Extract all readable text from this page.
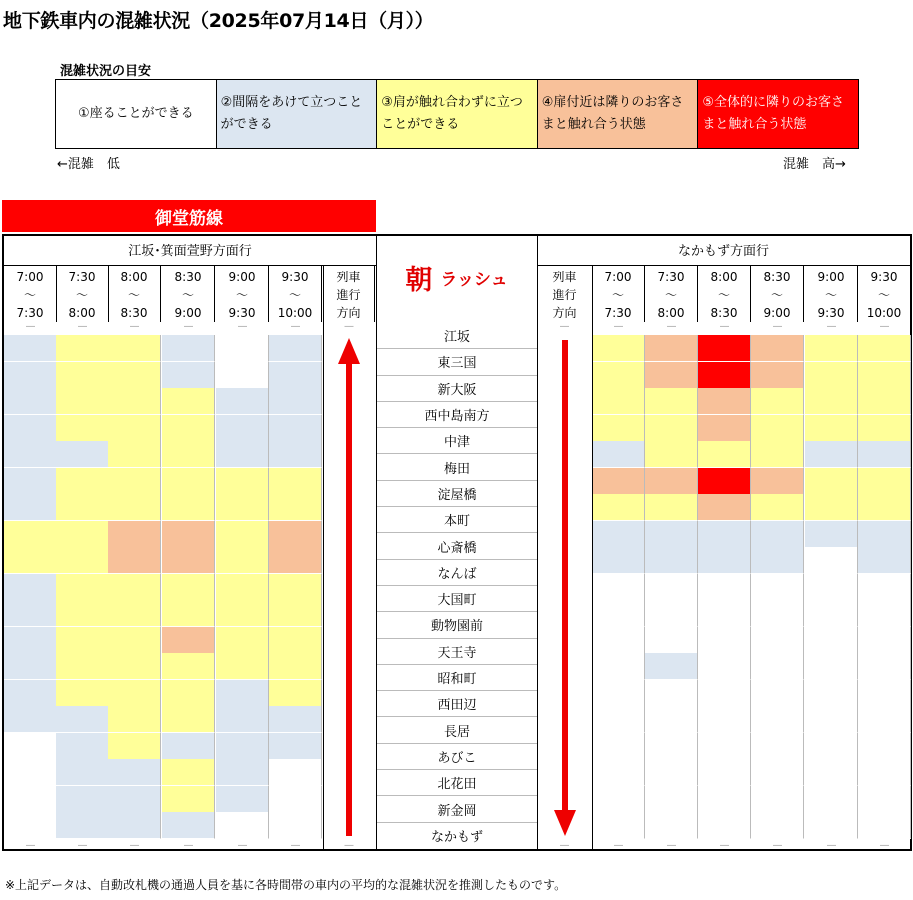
地下鉄車内の混雑状況（2025年07月14日（月））
混雑状況の目安
①座ることができる
②間隔をあけて立つことができる
③肩が触れ合わずに立つことができる
④扉付近は隣りのお客さまと触れ合う状態
⑤全体的に隣りのお客さまと触れ合う状態
←混雑　低	混雑　高→
御堂筋線
江坂･箕面萱野方面行
7:00
～
7:30
—
—
7:30
～
8:00
—
—
8:00
～
8:30
—
—
8:30
～
9:00
—
—
9:00
～
9:30
—
—
9:30
～
10:00
—
—
列車
進行
方向
—
—
なかもず方面行
7:00
～
7:30
—
—
7:30
～
8:00
—
—
8:00
～
8:30
—
—
8:30
～
9:00
—
—
9:00
～
9:30
—
—
9:30
～
10:00
—
—
列車
進行
方向
—
—
朝 ラッシュ
江坂
東三国
新大阪
西中島南方
中津
梅田
淀屋橋
本町
心斎橋
なんば
大国町
動物園前
天王寺
昭和町
西田辺
長居
あびこ
北花田
新金岡
なかもず
※上記データは、自動改札機の通過人員を基に各時間帯の車内の平均的な混雑状況を推測したものです。
